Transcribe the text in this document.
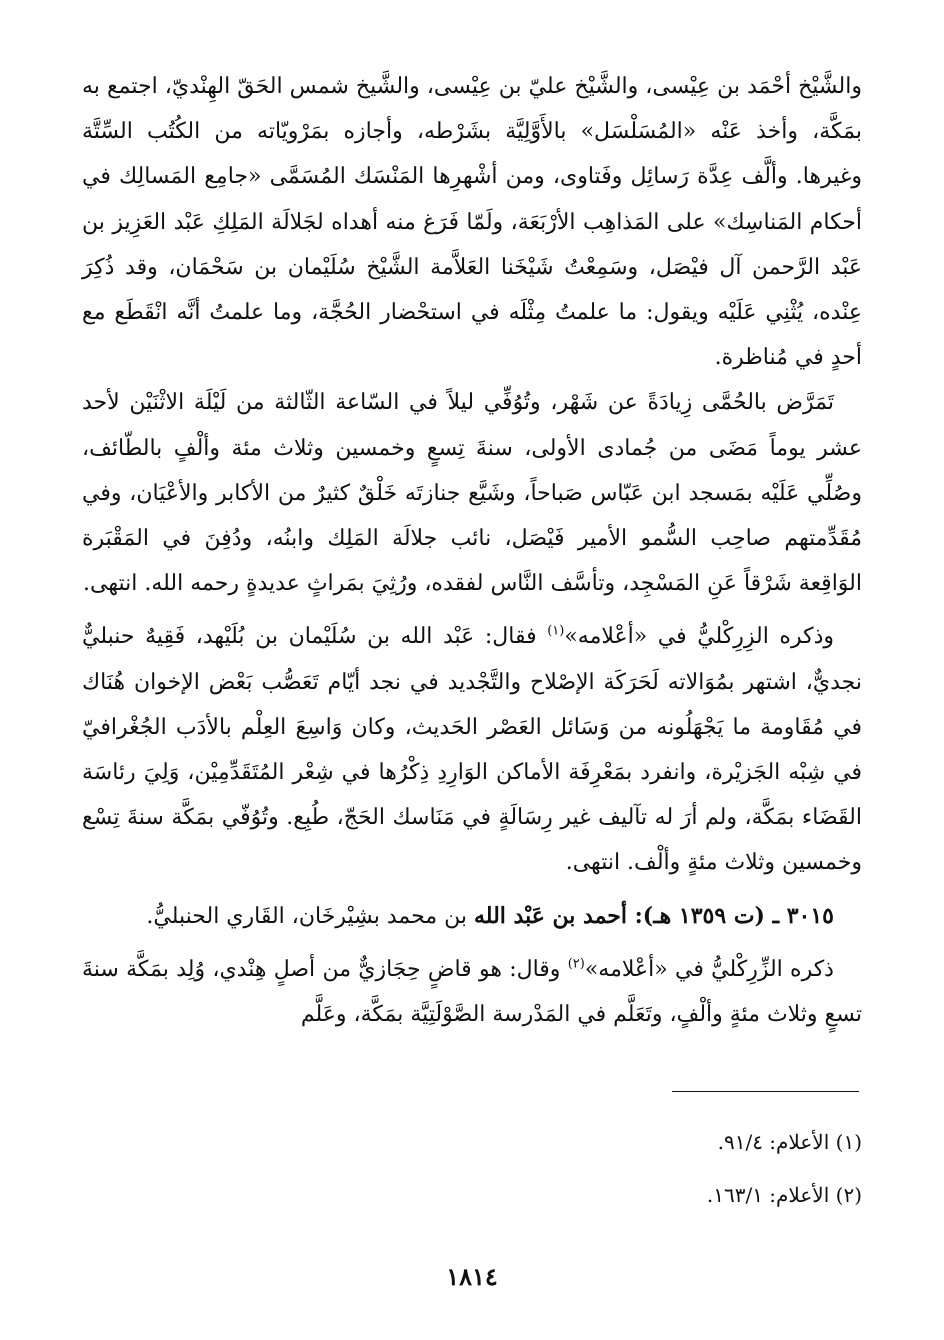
والشَّيْخ أحْمَد بن عِيْسى، والشَّيْخ عليّ بن عِيْسى، والشَّيخ شمس الحَقّ الهِنْديّ، اجتمع به بمَكَّة، وأخذ عَنْه «المُسَلْسَل» بالأَوَّلِيَّة بشَرْطه، وأجازه بمَرْويّاته من الكُتُب السِّتَّة وغيرها. وألَّف عِدَّة رَسائِل وفَتاوى، ومن أشْهرِها المَنْسَك المُسَمَّى «جامِع المَسالِك في أحكام المَناسِك» على المَذاهِب الأرْبَعَة، ولَمّا فَرَغ منه أهداه لجَلالَة المَلِكِ عَبْد العَزِيز بن عَبْد الرَّحمن آل فيْصَل، وسَمِعْتُ شَيْخَنا العَلاَّمة الشَّيْخ سُلَيْمان بن سَحْمَان، وقد ذُكِرَ عِنْده، يُثْنِي عَلَيْه ويقول: ما علمتُ مِثْلَه في استحْضار الحُجَّة، وما علمتُ أنَّه انْقَطَع مع أحدٍ في مُناظرة.

تَمَرَّض بالحُمَّى زِيادَةً عن شَهْر، وتُوُفِّي ليلاً في السّاعة الثّالثة من لَيْلَة الاثْنَيْن لأحد عشر يوماً مَضَى من جُمادى الأولى، سنةَ تِسعٍ وخمسين وثلاث مئة وألْفٍ بالطّائف، وصُلِّي عَلَيْه بمَسجد ابن عَبّاس صَباحاً، وشَيَّع جنازتَه خَلْقٌ كثيرٌ من الأكابر والأعْيَان، وفي مُقَدِّمتهم صاحِب السُّمو الأمير فَيْصَل، نائب جلالَة المَلِك وابنُه، ودُفِنَ في المَقْبَرة الوَاقِعة شَرْقاً عَنِ المَسْجِد، وتأسَّف النَّاس لفقده، ورُثِيَ بمَراثٍ عديدةٍ رحمه الله. انتهى.

وذكره الزِرِكْليُّ في «أعْلامه»$^{(١)}$ فقال: عَبْد الله بن سُلَيْمان بن بُلَيْهد، فَقِيهٌ حنبليٌّ نجديٌّ، اشتهر بمُوَالاته لَحَرَكَة الإصْلاح والتَّجْديد في نجد أيّام تَعَصُّب بَعْض الإخوان هُنَاك في مُقَاومة ما يَجْهَلُونه من وَسَائل العَصْر الحَديث، وكان وَاسِعَ العِلْم بالأدَب الجُغْرافيّ في شِبْه الجَزيْرة، وانفرد بمَعْرِفَة الأماكن الوَارِدِ ذِكْرُها في شِعْر المُتَقَدِّمِيْن، وَلِيَ رئاسَة القَضَاء بمَكَّة، ولم أرَ له تآليف غير رِسَالَةٍ في مَنَاسك الحَجّ، طُبِع. وتُوُفّي بمَكَّة سنةَ تِسْع وخمسين وثلاث مئةٍ وألْف. انتهى.

٣٠١٥ ـ (ت ١٣٥٩ هـ): أحمد بن عَبْد الله بن محمد بشِيْرخَان، القَاري الحنبليُّ.

ذكره الزِّرِكْليُّ في «أعْلامه»$^{(٢)}$ وقال: هو قاضٍ حِجَازيٌّ من أصلٍ هِنْدي، وُلِد بمَكَّة سنةَ تسعٍ وثلاث مئةٍ وألْفٍ، وتَعَلَّم في المَدْرسة الصَّوْلَتِيَّة بمَكَّة، وعَلَّم

(١) الأعلام: ٩١/٤.

(٢) الأعلام: ١٦٣/١.

١٨١٤
